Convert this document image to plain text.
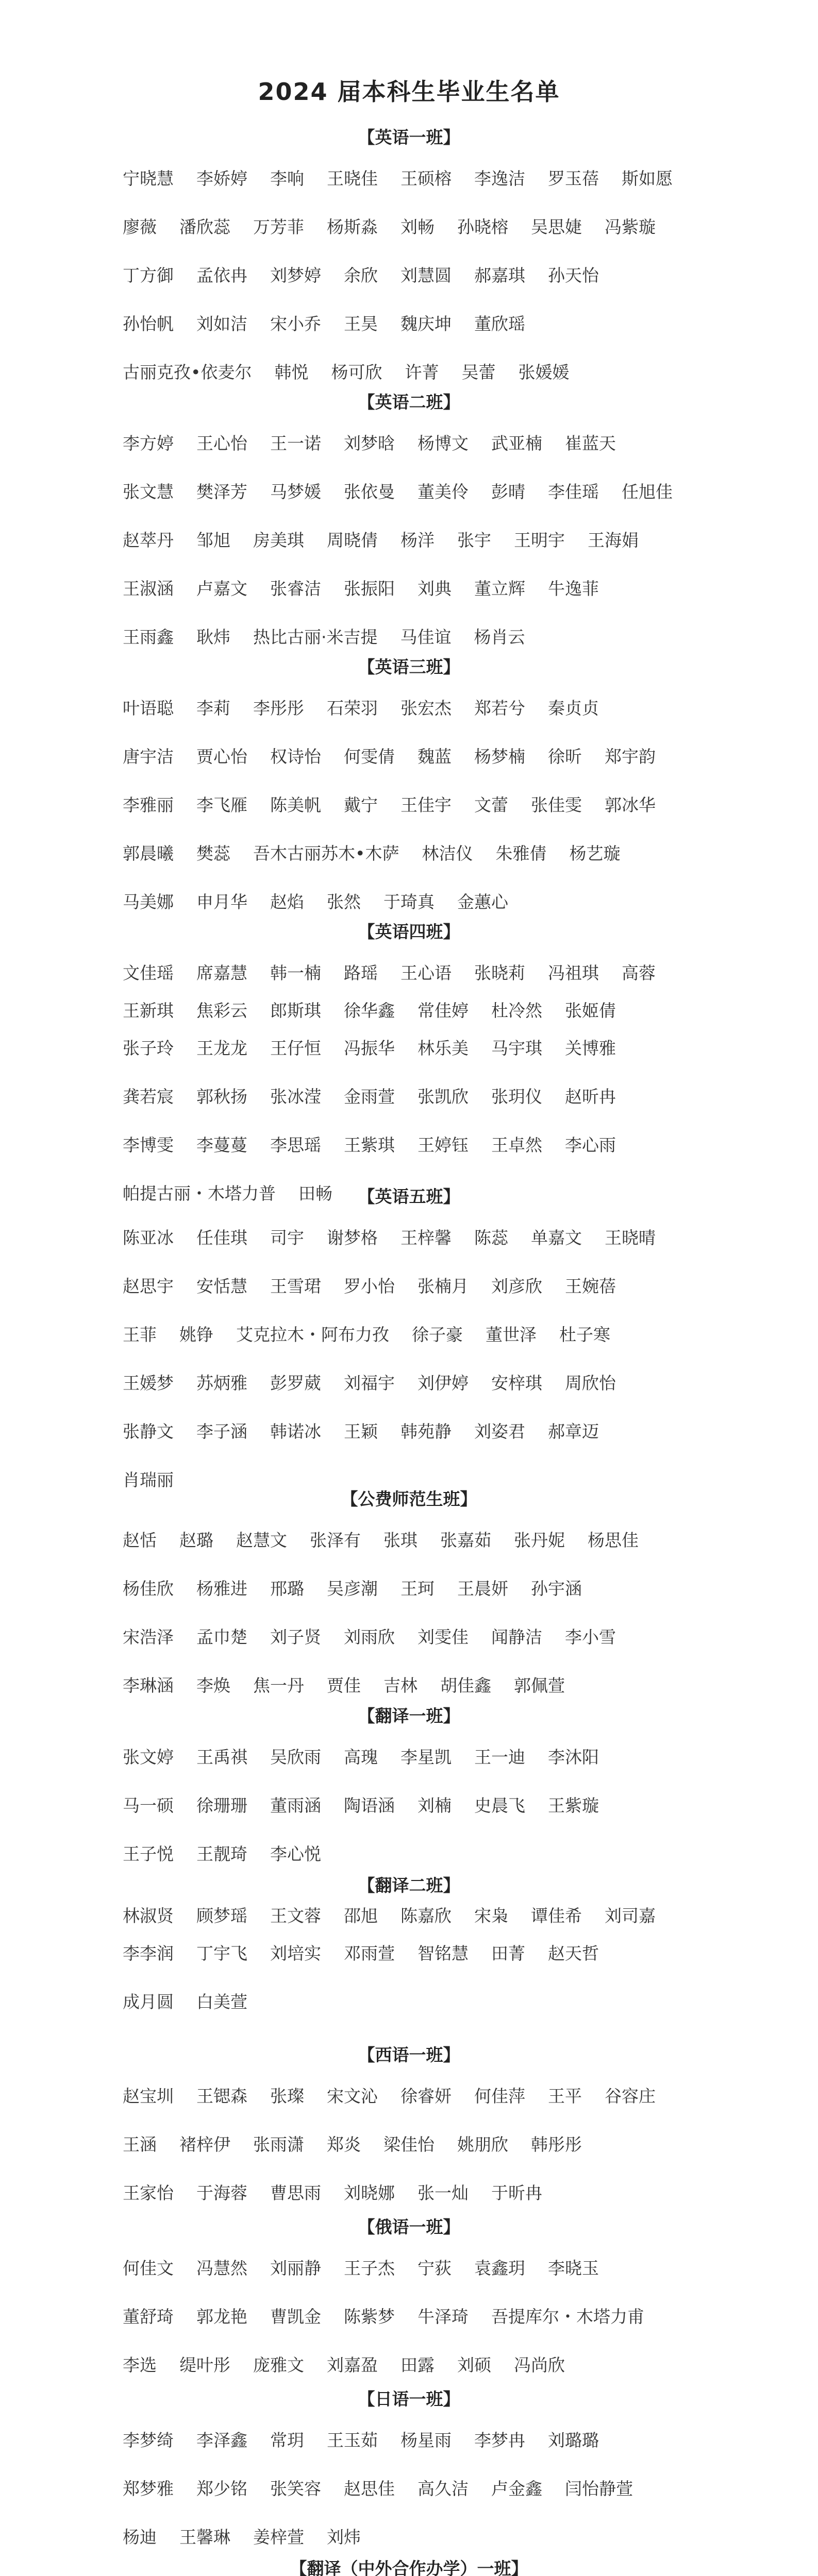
2024 届本科生毕业生名单
【英语一班】
宁晓慧 李娇婷 李响 王晓佳 王硕榕 李逸洁 罗玉蓓 斯如愿
廖薇 潘欣蕊 万芳菲 杨斯淼 刘畅 孙晓榕 吴思婕 冯紫璇
丁方御 孟依冉 刘梦婷 余欣 刘慧圆 郝嘉琪 孙天怡
孙怡帆 刘如洁 宋小乔 王昊 魏庆坤 董欣瑶
古丽克孜•依麦尔 韩悦 杨可欣 许菁 吴蕾 张媛媛
【英语二班】
李方婷 王心怡 王一诺 刘梦晗 杨博文 武亚楠 崔蓝天
张文慧 樊泽芳 马梦媛 张依曼 董美伶 彭晴 李佳瑶 任旭佳
赵萃丹 邹旭 房美琪 周晓倩 杨洋 张宇 王明宇 王海娟
王淑涵 卢嘉文 张睿洁 张振阳 刘典 董立辉 牛逸菲
王雨鑫 耿炜 热比古丽·米吉提 马佳谊 杨肖云
【英语三班】
叶语聪 李莉 李彤彤 石荣羽 张宏杰 郑若兮 秦贞贞
唐宇洁 贾心怡 权诗怡 何雯倩 魏蓝 杨梦楠 徐昕 郑宇韵
李雅丽 李飞雁 陈美帆 戴宁 王佳宇 文蕾 张佳雯 郭冰华
郭晨曦 樊蕊 吾木古丽苏木•木萨 林洁仪 朱雅倩 杨艺璇
马美娜 申月华 赵焰 张然 于琦真 金蕙心
【英语四班】
文佳瑶 席嘉慧 韩一楠 路瑶 王心语 张晓莉 冯祖琪 高蓉
王新琪 焦彩云 郎斯琪 徐华鑫 常佳婷 杜冷然 张姬倩
张子玲 王龙龙 王仔恒 冯振华 林乐美 马宇琪 关博雅
龚若宸 郭秋扬 张冰滢 金雨萱 张凯欣 张玥仪 赵昕冉
李博雯 李蔓蔓 李思瑶 王紫琪 王婷钰 王卓然 李心雨
帕提古丽・木塔力普 田畅	【英语五班】
陈亚冰 任佳琪 司宇 谢梦格 王梓馨 陈蕊 单嘉文 王晓晴
赵思宇 安恬慧 王雪珺 罗小怡 张楠月 刘彦欣 王婉蓓
王菲 姚铮 艾克拉木・阿布力孜 徐子豪 董世泽 杜子寒
王媛梦 苏炳雅 彭罗葳 刘福宇 刘伊婷 安梓琪 周欣怡
张静文 李子涵 韩诺冰 王颖 韩苑静 刘姿君 郝章迈
肖瑞丽
【公费师范生班】
赵恬 赵璐 赵慧文 张泽有 张琪 张嘉茹 张丹妮 杨思佳
杨佳欣 杨雅进 邢璐 吴彦潮 王珂 王晨妍 孙宇涵
宋浩泽 孟巾楚 刘子贤 刘雨欣 刘雯佳 闻静洁 李小雪
李琳涵 李焕 焦一丹 贾佳 吉林 胡佳鑫 郭佩萱
【翻译一班】
张文婷 王禹祺 吴欣雨 高瑰 李星凯 王一迪 李沐阳
马一硕 徐珊珊 董雨涵 陶语涵 刘楠 史晨飞 王紫璇
王子悦 王靓琦 李心悦
【翻译二班】
林淑贤 顾梦瑶 王文蓉 邵旭 陈嘉欣 宋枭 谭佳希 刘司嘉
李李润 丁宇飞 刘培实 邓雨萱 智铭慧 田菁 赵天哲
成月圆 白美萱
【西语一班】
赵宝圳 王锶森 张璨 宋文沁 徐睿妍 何佳萍 王平 谷容庄
王涵 褚梓伊 张雨潇 郑炎 梁佳怡 姚朋欣 韩彤彤
王家怡 于海蓉 曹思雨 刘晓娜 张一灿 于昕冉
【俄语一班】
何佳文 冯慧然 刘丽静 王子杰 宁荻 袁鑫玥 李晓玉
董舒琦 郭龙艳 曹凯金 陈紫梦 牛泽琦 吾提库尔・木塔力甫
李选 缇叶彤 庞雅文 刘嘉盈 田露 刘硕 冯尚欣
【日语一班】
李梦绮 李泽鑫 常玥 王玉茹 杨星雨 李梦冉 刘璐璐
郑梦雅 郑少铭 张笑容 赵思佳 高久洁 卢金鑫 闫怡静萱
杨迪 王馨琳 姜梓萱 刘炜
【翻译（中外合作办学）一班】
